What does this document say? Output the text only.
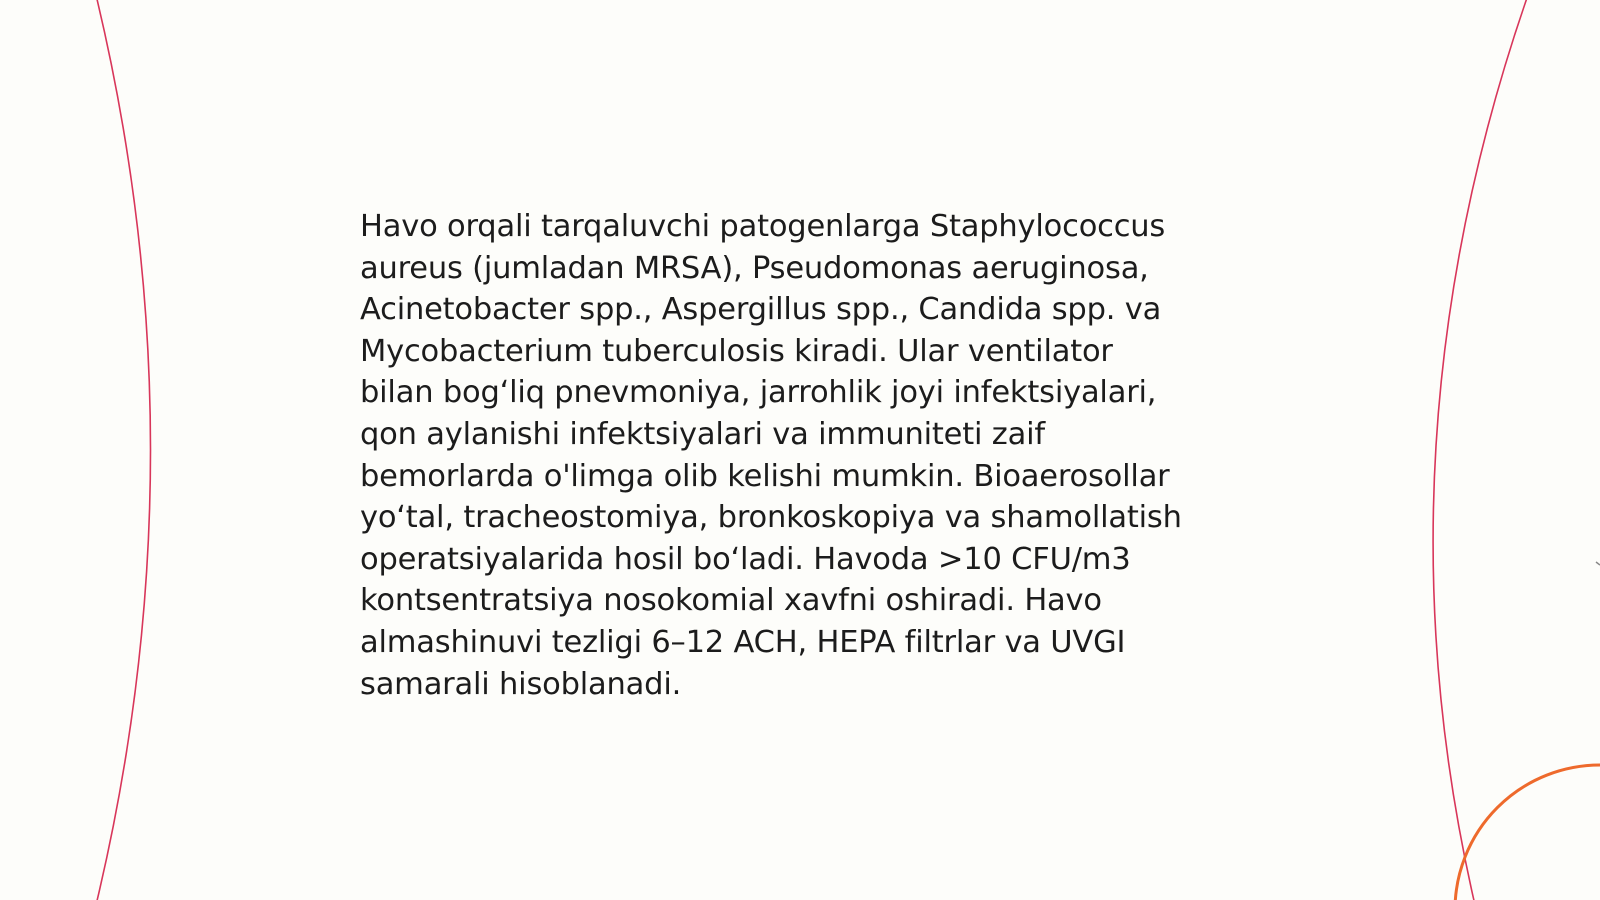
Havo orqali tarqaluvchi patogenlarga Staphylococcus
aureus (jumladan MRSA), Pseudomonas aeruginosa,
Acinetobacter spp., Aspergillus spp., Candida spp. va
Mycobacterium tuberculosis kiradi. Ular ventilator
bilan bog‘liq pnevmoniya, jarrohlik joyi infektsiyalari,
qon aylanishi infektsiyalari va immuniteti zaif
bemorlarda o'limga olib kelishi mumkin. Bioaerosollar
yo‘tal, tracheostomiya, bronkoskopiya va shamollatish
operatsiyalarida hosil bo‘ladi. Havoda >10 CFU/m3
kontsentratsiya nosokomial xavfni oshiradi. Havo
almashinuvi tezligi 6–12 ACH, HEPA filtrlar va UVGI
samarali hisoblanadi.
